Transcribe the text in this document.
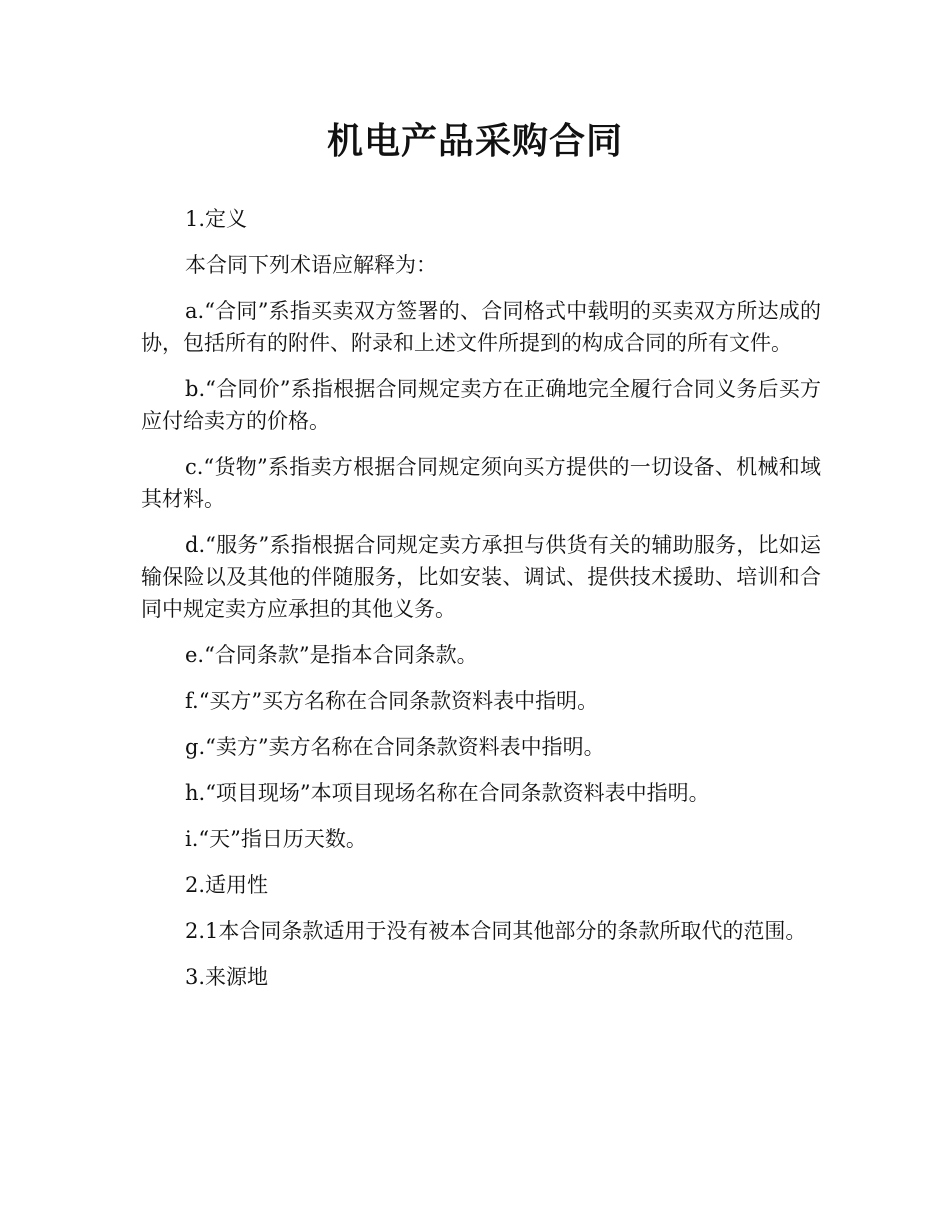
机电产品采购合同

1.定义

本合同下列术语应解释为：

a.“合同”系指买卖双方签署的、合同格式中载明的买卖双方所达成的协，包括所有的附件、附录和上述文件所提到的构成合同的所有文件。

b.“合同价”系指根据合同规定卖方在正确地完全履行合同义务后买方应付给卖方的价格。

c.“货物”系指卖方根据合同规定须向买方提供的一切设备、机械和域其材料。

d.“服务”系指根据合同规定卖方承担与供货有关的辅助服务，比如运输保险以及其他的伴随服务，比如安装、调试、提供技术援助、培训和合同中规定卖方应承担的其他义务。

e.“合同条款”是指本合同条款。

f.“买方”买方名称在合同条款资料表中指明。

g.“卖方”卖方名称在合同条款资料表中指明。

h.“项目现场”本项目现场名称在合同条款资料表中指明。

i.“天”指日历天数。

2.适用性

2.1本合同条款适用于没有被本合同其他部分的条款所取代的范围。

3.来源地
